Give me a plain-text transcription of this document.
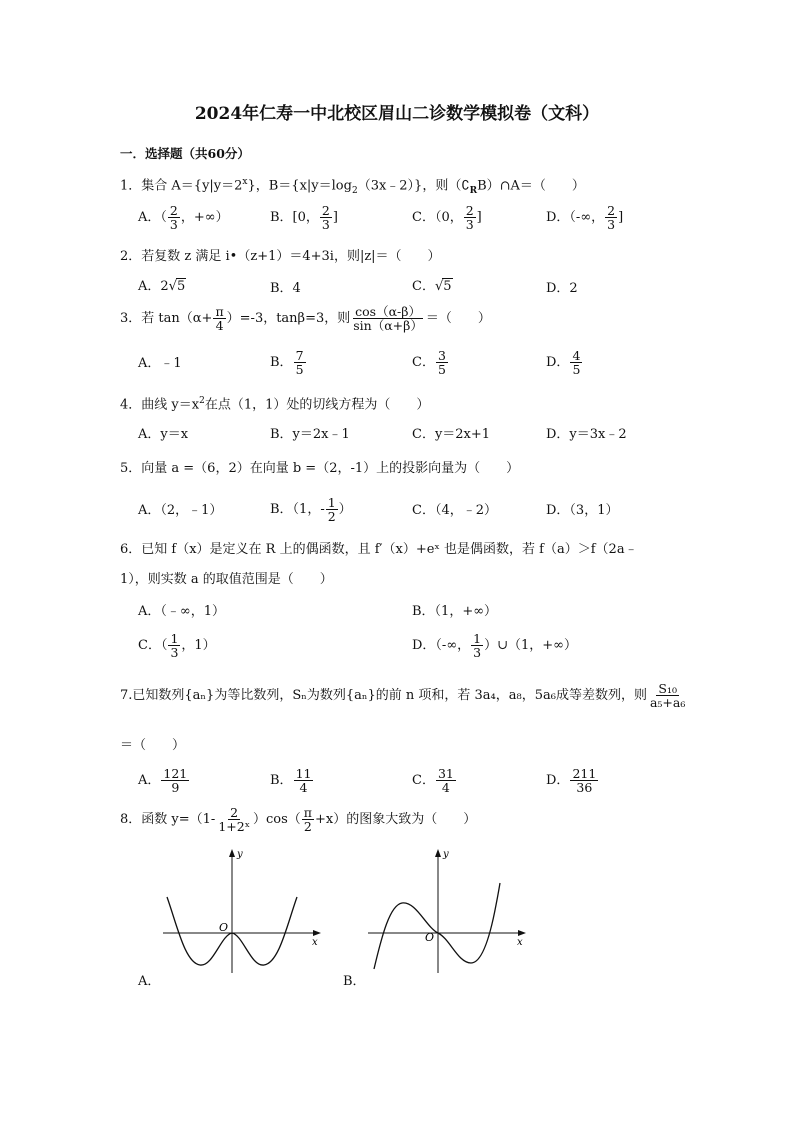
2024年仁寿一中北校区眉山二诊数学模拟卷（文科）
一．选择题（共60分）
1．集合 $A=\{y|y=2^x\}$，$B=\{x|y=\log_2(3x﹣2)\}$，则$(∁_RB)\cap A=$（　　）
A．（ $\frac{2}{3}$ ，+∞）	B．[0， $\frac{2}{3}$ ]	C．（0， $\frac{2}{3}$ ]	D．（-∞， $\frac{2}{3}$ ]
2．若复数 z 满足 i•（z+1）＝4+3i，则|z|＝（　　）
A．2√5	B．4	C．√5	D．2
3．若 $\tan(\alpha+ \frac{\pi}{4} )=-3$，tanβ=3，则 $\frac{\cos(\alpha-\beta)}{\sin(\alpha+\beta)}$ ＝（　　）
A．﹣1	B． $\frac{7}{5}$	C． $\frac{3}{5}$	D． $\frac{4}{5}$
4．曲线 $y=x^2$在点（1，1）处的切线方程为（　　）
A．y＝x	B．y＝2x﹣1	C．y＝2x+1	D．y＝3x﹣2
5．向量 a =（6，2）在向量 b =（2，-1）上的投影向量为（　　）
A．（2，﹣1）	B．（1，- $\frac{1}{2}$ ）	C．（4，﹣2）	D．（3，1）
6．已知 f（x）是定义在 R 上的偶函数，且 f′（x）+eˣ 也是偶函数，若 f（a）＞f（2a﹣
1），则实数 a 的取值范围是（　　）
A．（﹣∞，1）	B．（1，+∞）
C．（ $\frac{1}{3}$ ，1）	D．（-∞， $\frac{1}{3}$ ）∪（1，+∞）
7.已知数列{aₙ}为等比数列，Sₙ为数列{aₙ}的前 n 项和，若 3a₄，a₈，5a₆成等差数列，则 $\frac{\text{S₁₀}}{\text{a₅+a₆}}$
＝（　　）
A． $\frac{121}{9}$	B． $\frac{11}{4}$	C． $\frac{31}{4}$	D． $\frac{211}{36}$
8．函数 $y=(1- \frac{2}{\text{1+2ˣ}} )\cos( \frac{\pi}{2} +x)$的图象大致为（　　）
O
x
y
A．
O	x
y
B．
